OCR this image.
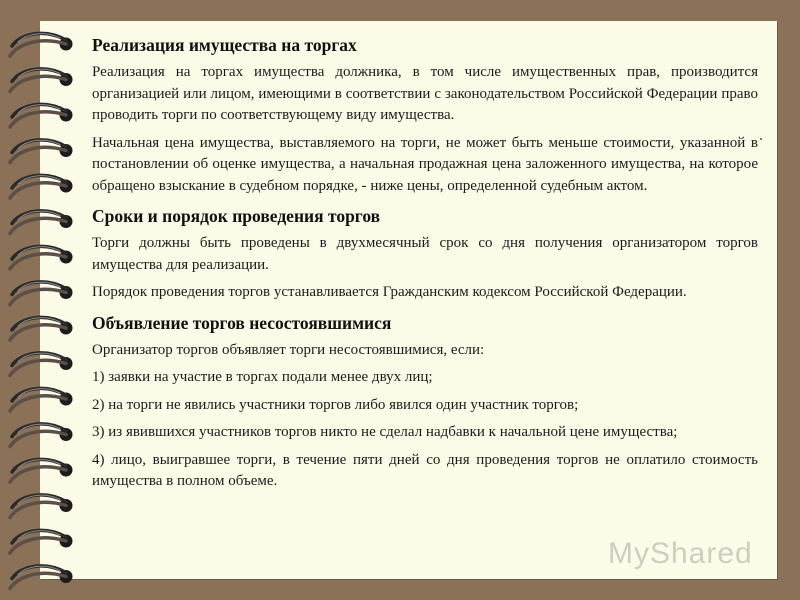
Реализация имущества на торгах

Реализация на торгах имущества должника, в том числе имущественных прав, производится организацией или лицом, имеющими в соответствии с законодательством Российской Федерации право проводить торги по соответствующему виду имущества.

Начальная цена имущества, выставляемого на торги, не может быть меньше стоимости, указанной в постановлении об оценке имущества, а начальная продажная цена заложенного имущества, на которое обращено взыскание в судебном порядке, - ниже цены, определенной судебным актом.

Сроки и порядок проведения торгов

Торги должны быть проведены в двухмесячный срок со дня получения организатором торгов имущества для реализации.

Порядок проведения торгов устанавливается Гражданским кодексом Российской Федерации.

Объявление торгов несостоявшимися

Организатор торгов объявляет торги несостоявшимися, если:

1) заявки на участие в торгах подали менее двух лиц;

2) на торги не явились участники торгов либо явился один участник торгов;

3) из явившихся участников торгов никто не сделал надбавки к начальной цене имущества;

4) лицо, выигравшее торги, в течение пяти дней со дня проведения торгов не оплатило стоимость имущества в полном объеме.

MyShared
